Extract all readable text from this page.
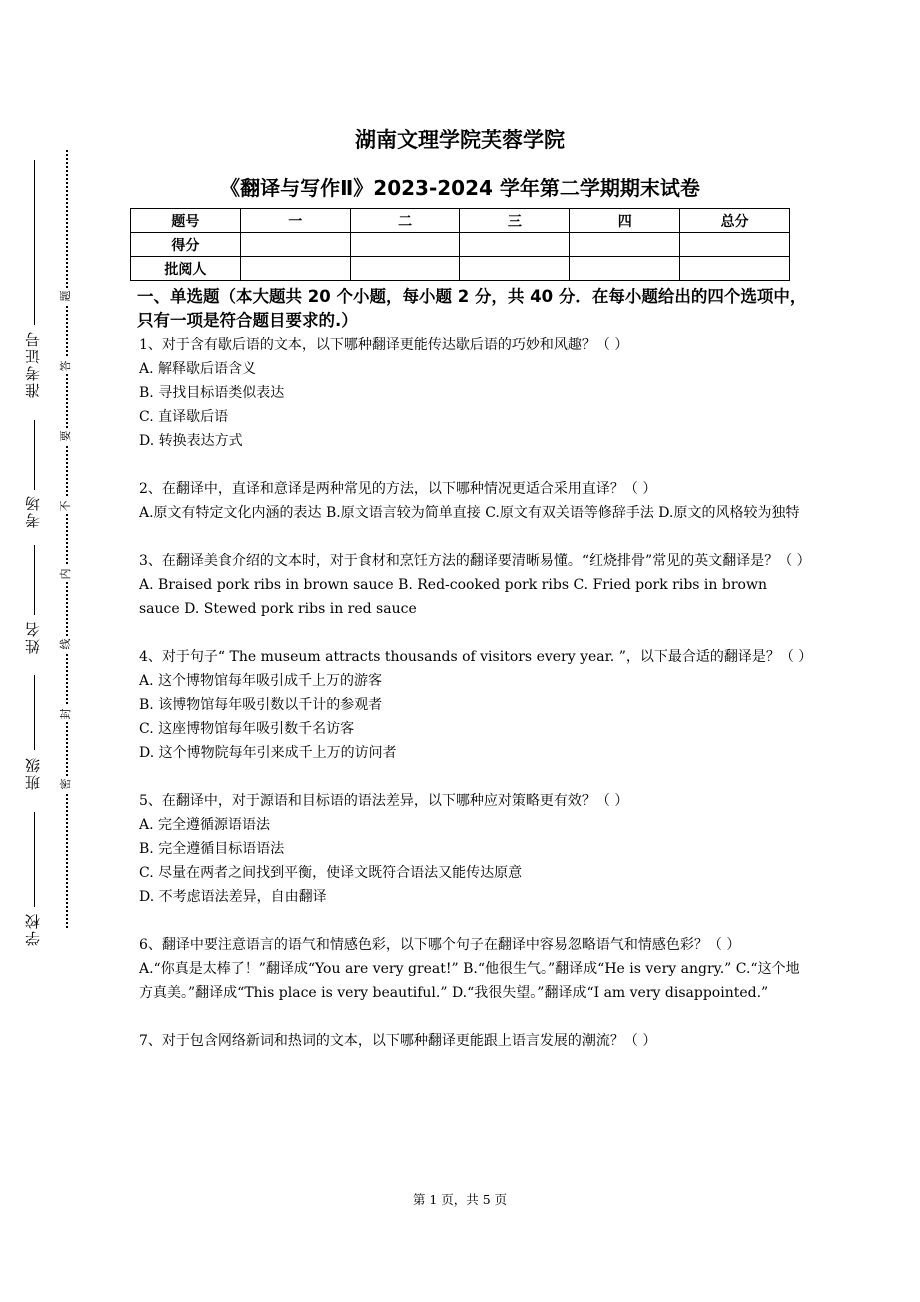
准考证号
考场
姓名
班级
学校
题
答
要
不
内
线
封
密
湖南文理学院芙蓉学院
《翻译与写作Ⅱ》2023-2024 学年第二学期期末试卷
题号	一	二	三	四	总分
得分					
批阅人					
一、单选题（本大题共 20 个小题，每小题 2 分，共 40 分．在每小题给出的四个选项中，只有一项是符合题目要求的.）

1、对于含有歇后语的文本，以下哪种翻译更能传达歇后语的巧妙和风趣？（ ）

A. 解释歇后语含义

B. 寻找目标语类似表达

C. 直译歇后语

D. 转换表达方式

2、在翻译中，直译和意译是两种常见的方法，以下哪种情况更适合采用直译？（ ）

A.原文有特定文化内涵的表达 B.原文语言较为简单直接 C.原文有双关语等修辞手法 D.原文的风格较为独特

3、在翻译美食介绍的文本时，对于食材和烹饪方法的翻译要清晰易懂。“红烧排骨”常见的英文翻译是？（ ）

A. Braised pork ribs in brown sauce B. Red-cooked pork ribs C. Fried pork ribs in brown sauce D. Stewed pork ribs in red sauce

4、对于句子“ The museum attracts thousands of visitors every year. ”，以下最合适的翻译是？（ ）

A. 这个博物馆每年吸引成千上万的游客

B. 该博物馆每年吸引数以千计的参观者

C. 这座博物馆每年吸引数千名访客

D. 这个博物院每年引来成千上万的访问者

5、在翻译中，对于源语和目标语的语法差异，以下哪种应对策略更有效？（ ）

A. 完全遵循源语语法

B. 完全遵循目标语语法

C. 尽量在两者之间找到平衡，使译文既符合语法又能传达原意

D. 不考虑语法差异，自由翻译

6、翻译中要注意语言的语气和情感色彩，以下哪个句子在翻译中容易忽略语气和情感色彩？（ ）

A.“你真是太棒了！”翻译成“You are very great!” B.“他很生气。”翻译成“He is very angry.” C.“这个地方真美。”翻译成“This place is very beautiful.” D.“我很失望。”翻译成“I am very disappointed.”

7、对于包含网络新词和热词的文本，以下哪种翻译更能跟上语言发展的潮流？（ ）

第 1 页，共 5 页
